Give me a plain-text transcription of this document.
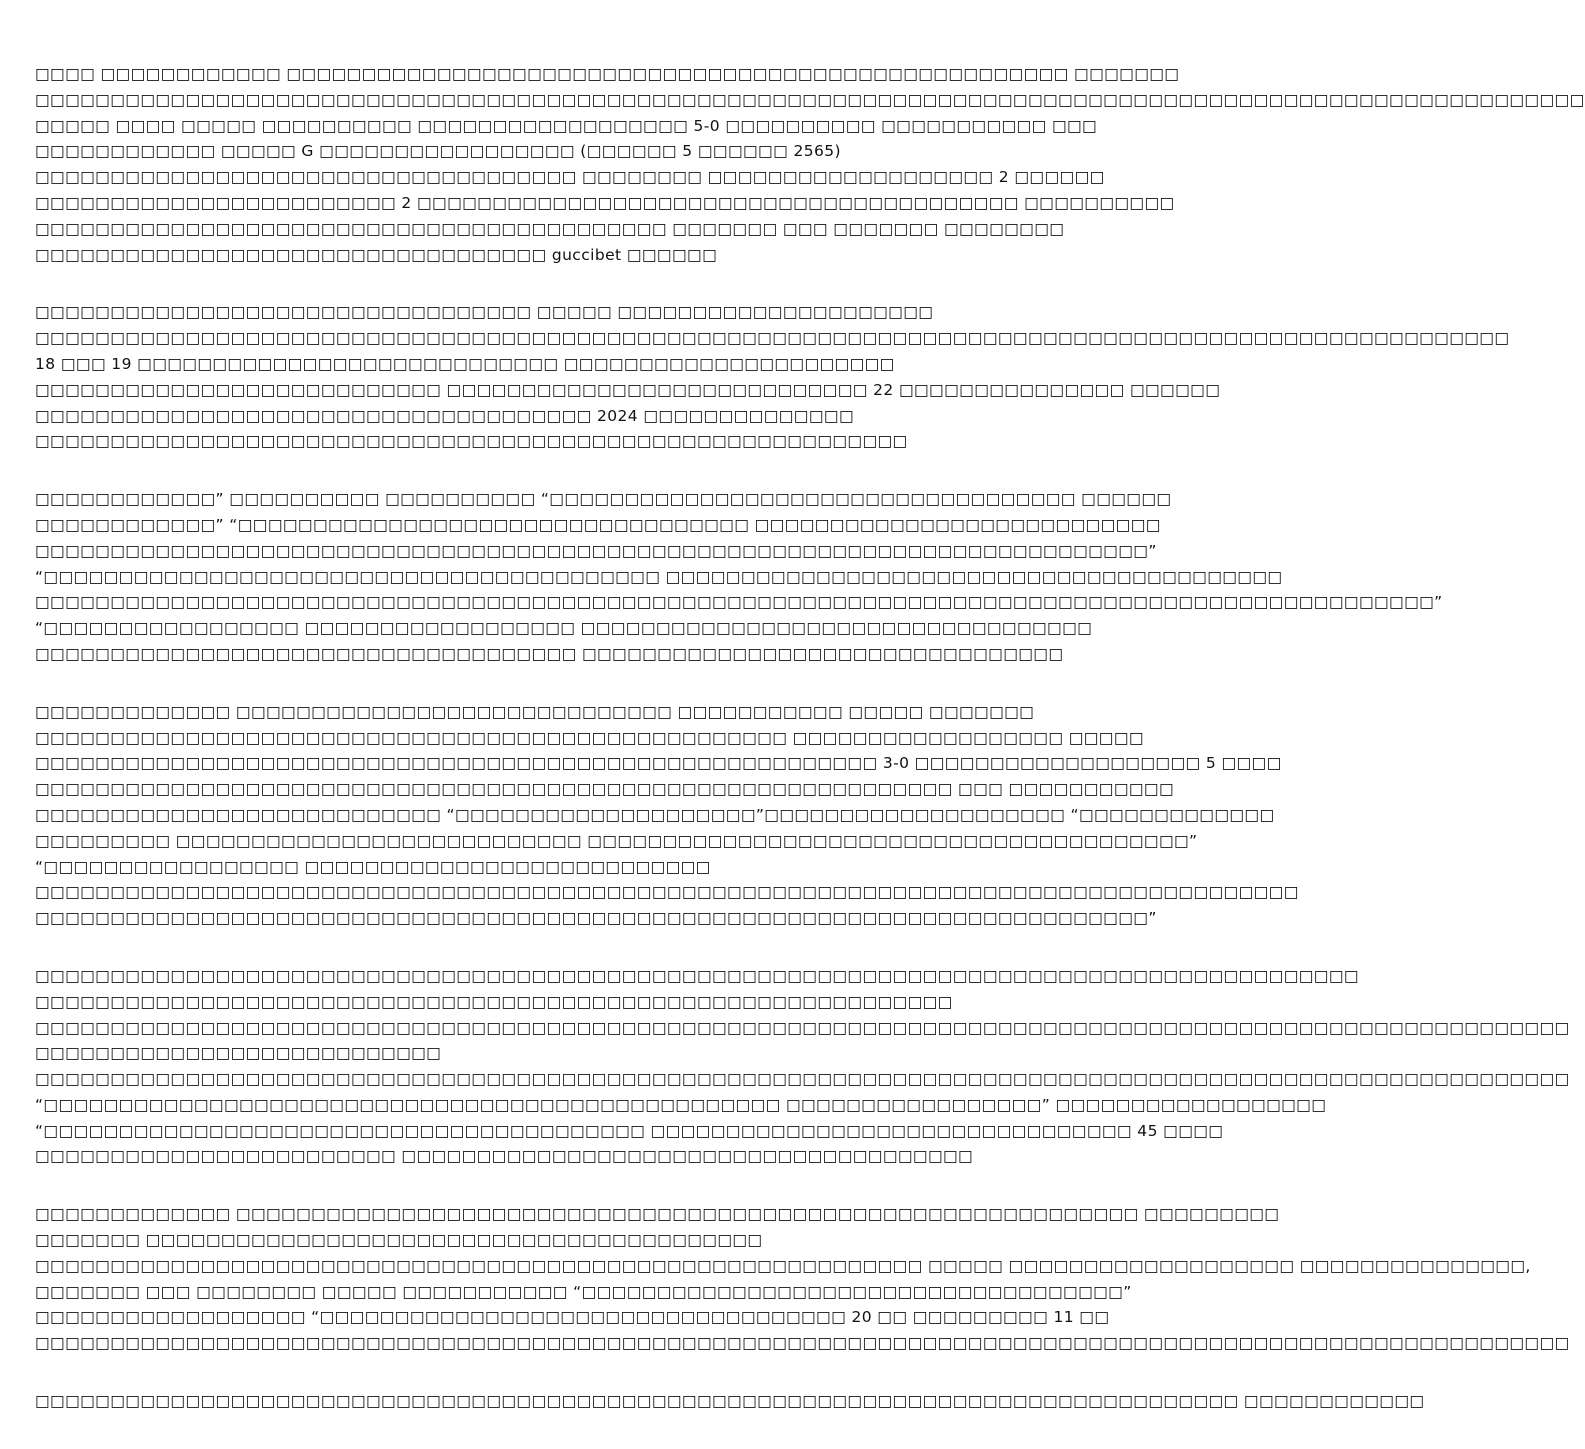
□□□□ □□□□□□□□□□□□ □□□□□□□□□□□□□□□□□□□□□□□□□□□□□□□□□□□□□□□□□□□□□□□□□□□□ □□□□□□□
□□□□□□□□□□□□□□□□□□□□□□□□□□□□□□□□□□□□□□□□□□□□□□□□□□□□□□□□□□□□□□□□□□□□□□□□□□□□□□□□□□□□□□□□□□□□□□□□□□□□□□□
□□□□□ □□□□ □□□□□ □□□□□□□□□□ □□□□□□□□□□□□□□□□□□ 5-0 □□□□□□□□□□ □□□□□□□□□□□ □□□
□□□□□□□□□□□□ □□□□□ G □□□□□□□□□□□□□□□□□ (□□□□□□ 5 □□□□□□ 2565)
□□□□□□□□□□□□□□□□□□□□□□□□□□□□□□□□□□□□ □□□□□□□□ □□□□□□□□□□□□□□□□□□□ 2 □□□□□□
□□□□□□□□□□□□□□□□□□□□□□□□ 2 □□□□□□□□□□□□□□□□□□□□□□□□□□□□□□□□□□□□□□□□ □□□□□□□□□□
□□□□□□□□□□□□□□□□□□□□□□□□□□□□□□□□□□□□□□□□□□ □□□□□□□ □□□ □□□□□□□ □□□□□□□□
□□□□□□□□□□□□□□□□□□□□□□□□□□□□□□□□□□ guccibet □□□□□□
□□□□□□□□□□□□□□□□□□□□□□□□□□□□□□□□□ □□□□□ □□□□□□□□□□□□□□□□□□□□□
□□□□□□□□□□□□□□□□□□□□□□□□□□□□□□□□□□□□□□□□□□□□□□□□□□□□□□□□□□□□□□□□□□□□□□□□□□□□□□□□□□□□□□□□□□□□□□□□□□
18 □□□ 19 □□□□□□□□□□□□□□□□□□□□□□□□□□□□ □□□□□□□□□□□□□□□□□□□□□□
□□□□□□□□□□□□□□□□□□□□□□□□□□□ □□□□□□□□□□□□□□□□□□□□□□□□□□□□ 22 □□□□□□□□□□□□□□□ □□□□□□
□□□□□□□□□□□□□□□□□□□□□□□□□□□□□□□□□□□□□ 2024 □□□□□□□□□□□□□□
□□□□□□□□□□□□□□□□□□□□□□□□□□□□□□□□□□□□□□□□□□□□□□□□□□□□□□□□□□
□□□□□□□□□□□□” □□□□□□□□□□ □□□□□□□□□□ “□□□□□□□□□□□□□□□□□□□□□□□□□□□□□□□□□□□ □□□□□□
□□□□□□□□□□□□” “□□□□□□□□□□□□□□□□□□□□□□□□□□□□□□□□□□ □□□□□□□□□□□□□□□□□□□□□□□□□□□
□□□□□□□□□□□□□□□□□□□□□□□□□□□□□□□□□□□□□□□□□□□□□□□□□□□□□□□□□□□□□□□□□□□□□□□□□□”
“□□□□□□□□□□□□□□□□□□□□□□□□□□□□□□□□□□□□□□□□□ □□□□□□□□□□□□□□□□□□□□□□□□□□□□□□□□□□□□□□□□□
□□□□□□□□□□□□□□□□□□□□□□□□□□□□□□□□□□□□□□□□□□□□□□□□□□□□□□□□□□□□□□□□□□□□□□□□□□□□□□□□□□□□□□□□□□□□□”
“□□□□□□□□□□□□□□□□□ □□□□□□□□□□□□□□□□□□ □□□□□□□□□□□□□□□□□□□□□□□□□□□□□□□□□□
□□□□□□□□□□□□□□□□□□□□□□□□□□□□□□□□□□□□ □□□□□□□□□□□□□□□□□□□□□□□□□□□□□□□□
□□□□□□□□□□□□□ □□□□□□□□□□□□□□□□□□□□□□□□□□□□□ □□□□□□□□□□□ □□□□□ □□□□□□□
□□□□□□□□□□□□□□□□□□□□□□□□□□□□□□□□□□□□□□□□□□□□□□□□□□ □□□□□□□□□□□□□□□□□□ □□□□□
□□□□□□□□□□□□□□□□□□□□□□□□□□□□□□□□□□□□□□□□□□□□□□□□□□□□□□□□ 3-0 □□□□□□□□□□□□□□□□□□□ 5 □□□□
□□□□□□□□□□□□□□□□□□□□□□□□□□□□□□□□□□□□□□□□□□□□□□□□□□□□□□□□□□□□□ □□□ □□□□□□□□□□□
□□□□□□□□□□□□□□□□□□□□□□□□□□□ “□□□□□□□□□□□□□□□□□□□□”□□□□□□□□□□□□□□□□□□□□ “□□□□□□□□□□□□□
□□□□□□□□□ □□□□□□□□□□□□□□□□□□□□□□□□□□□ □□□□□□□□□□□□□□□□□□□□□□□□□□□□□□□□□□□□□□□□”
“□□□□□□□□□□□□□□□□□ □□□□□□□□□□□□□□□□□□□□□□□□□□□
□□□□□□□□□□□□□□□□□□□□□□□□□□□□□□□□□□□□□□□□□□□□□□□□□□□□□□□□□□□□□□□□□□□□□□□□□□□□□□□□□□□□
□□□□□□□□□□□□□□□□□□□□□□□□□□□□□□□□□□□□□□□□□□□□□□□□□□□□□□□□□□□□□□□□□□□□□□□□□□”
□□□□□□□□□□□□□□□□□□□□□□□□□□□□□□□□□□□□□□□□□□□□□□□□□□□□□□□□□□□□□□□□□□□□□□□□□□□□□□□□□□□□□□□□
□□□□□□□□□□□□□□□□□□□□□□□□□□□□□□□□□□□□□□□□□□□□□□□□□□□□□□□□□□□□□
□□□□□□□□□□□□□□□□□□□□□□□□□□□□□□□□□□□□□□□□□□□□□□□□□□□□□□□□□□□□□□□□□□□□□□□□□□□□□□□□□□□□□□□□□□□□□□□□□□□□□□
□□□□□□□□□□□□□□□□□□□□□□□□□□□
□□□□□□□□□□□□□□□□□□□□□□□□□□□□□□□□□□□□□□□□□□□□□□□□□□□□□□□□□□□□□□□□□□□□□□□□□□□□□□□□□□□□□□□□□□□□□□□□□□□□□□
“□□□□□□□□□□□□□□□□□□□□□□□□□□□□□□□□□□□□□□□□□□□□□□□□□ □□□□□□□□□□□□□□□□□” □□□□□□□□□□□□□□□□□□
“□□□□□□□□□□□□□□□□□□□□□□□□□□□□□□□□□□□□□□□□ □□□□□□□□□□□□□□□□□□□□□□□□□□□□□□□□ 45 □□□□
□□□□□□□□□□□□□□□□□□□□□□□□ □□□□□□□□□□□□□□□□□□□□□□□□□□□□□□□□□□□□□□
□□□□□□□□□□□□□ □□□□□□□□□□□□□□□□□□□□□□□□□□□□□□□□□□□□□□□□□□□□□□□□□□□□□□□□□□□□ □□□□□□□□□
□□□□□□□ □□□□□□□□□□□□□□□□□□□□□□□□□□□□□□□□□□□□□□□□□
□□□□□□□□□□□□□□□□□□□□□□□□□□□□□□□□□□□□□□□□□□□□□□□□□□□□□□□□□□□ □□□□□ □□□□□□□□□□□□□□□□□□□ □□□□□□□□□□□□□□□,
□□□□□□□ □□□ □□□□□□□□ □□□□□ □□□□□□□□□□□ “□□□□□□□□□□□□□□□□□□□□□□□□□□□□□□□□□□□□”
□□□□□□□□□□□□□□□□□□ “□□□□□□□□□□□□□□□□□□□□□□□□□□□□□□□□□□□ 20 □□ □□□□□□□□□ 11 □□
□□□□□□□□□□□□□□□□□□□□□□□□□□□□□□□□□□□□□□□□□□□□□□□□□□□□□□□□□□□□□□□□□□□□□□□□□□□□□□□□□□□□□□□□□□□□□□□□□□□□□□
□□□□□□□□□□□□□□□□□□□□□□□□□□□□□□□□□□□□□□□□□□□□□□□□□□□□□□□□□□□□□□□□□□□□□□□□□□□□□□□□ □□□□□□□□□□□□
